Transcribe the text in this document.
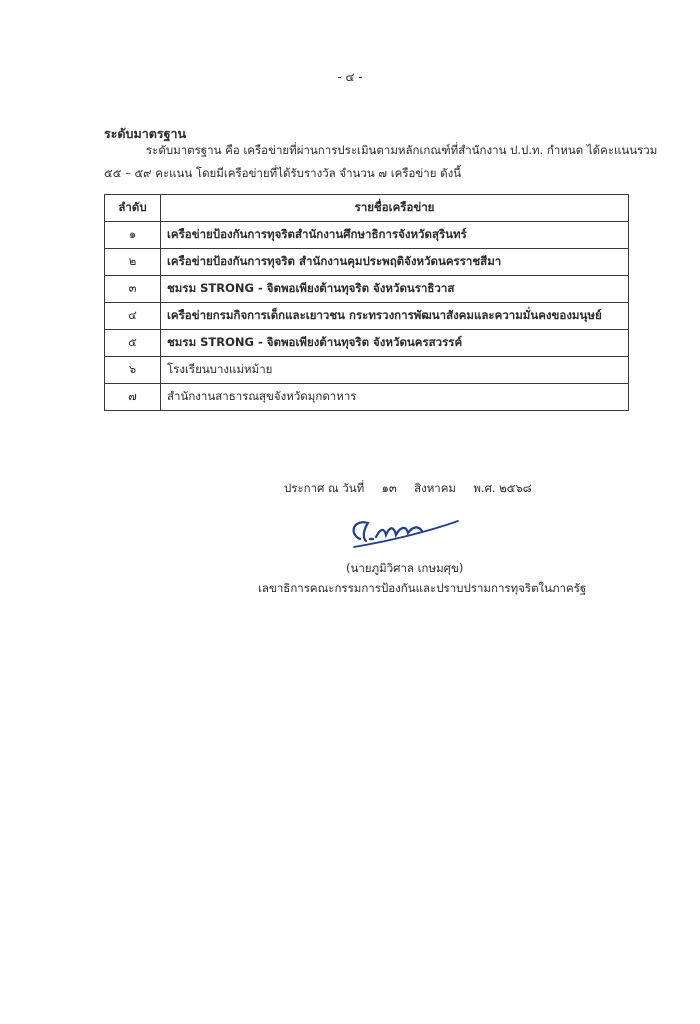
- ๔ -
ระดับมาตรฐาน
ระดับมาตรฐาน คือ เครือข่ายที่ผ่านการประเมินตามหลักเกณฑ์ที่สำนักงาน ป.ป.ท. กำหนด ได้คะแนนรวม
๕๕ – ๕๙ คะแนน โดยมีเครือข่ายที่ได้รับรางวัล จำนวน ๗ เครือข่าย ดังนี้
ลำดับ	รายชื่อเครือข่าย
๑	เครือข่ายป้องกันการทุจริตสำนักงานศึกษาธิการจังหวัดสุรินทร์
๒	เครือข่ายป้องกันการทุจริต สำนักงานคุมประพฤติจังหวัดนครราชสีมา
๓	ชมรม STRONG - จิตพอเพียงต้านทุจริต จังหวัดนราธิวาส
๔	เครือข่ายกรมกิจการเด็กและเยาวชน กระทรวงการพัฒนาสังคมและความมั่นคงของมนุษย์
๕	ชมรม STRONG - จิตพอเพียงต้านทุจริต จังหวัดนครสวรรค์
๖	โรงเรียนบางแม่หม้าย
๗	สำนักงานสาธารณสุขจังหวัดมุกดาหาร
ประกาศ ณ วันที่ ๑๓ สิงหาคม พ.ศ. ๒๕๖๘
(นายภูมิวิศาล เกษมศุข)
เลขาธิการคณะกรรมการป้องกันและปราบปรามการทุจริตในภาครัฐ
